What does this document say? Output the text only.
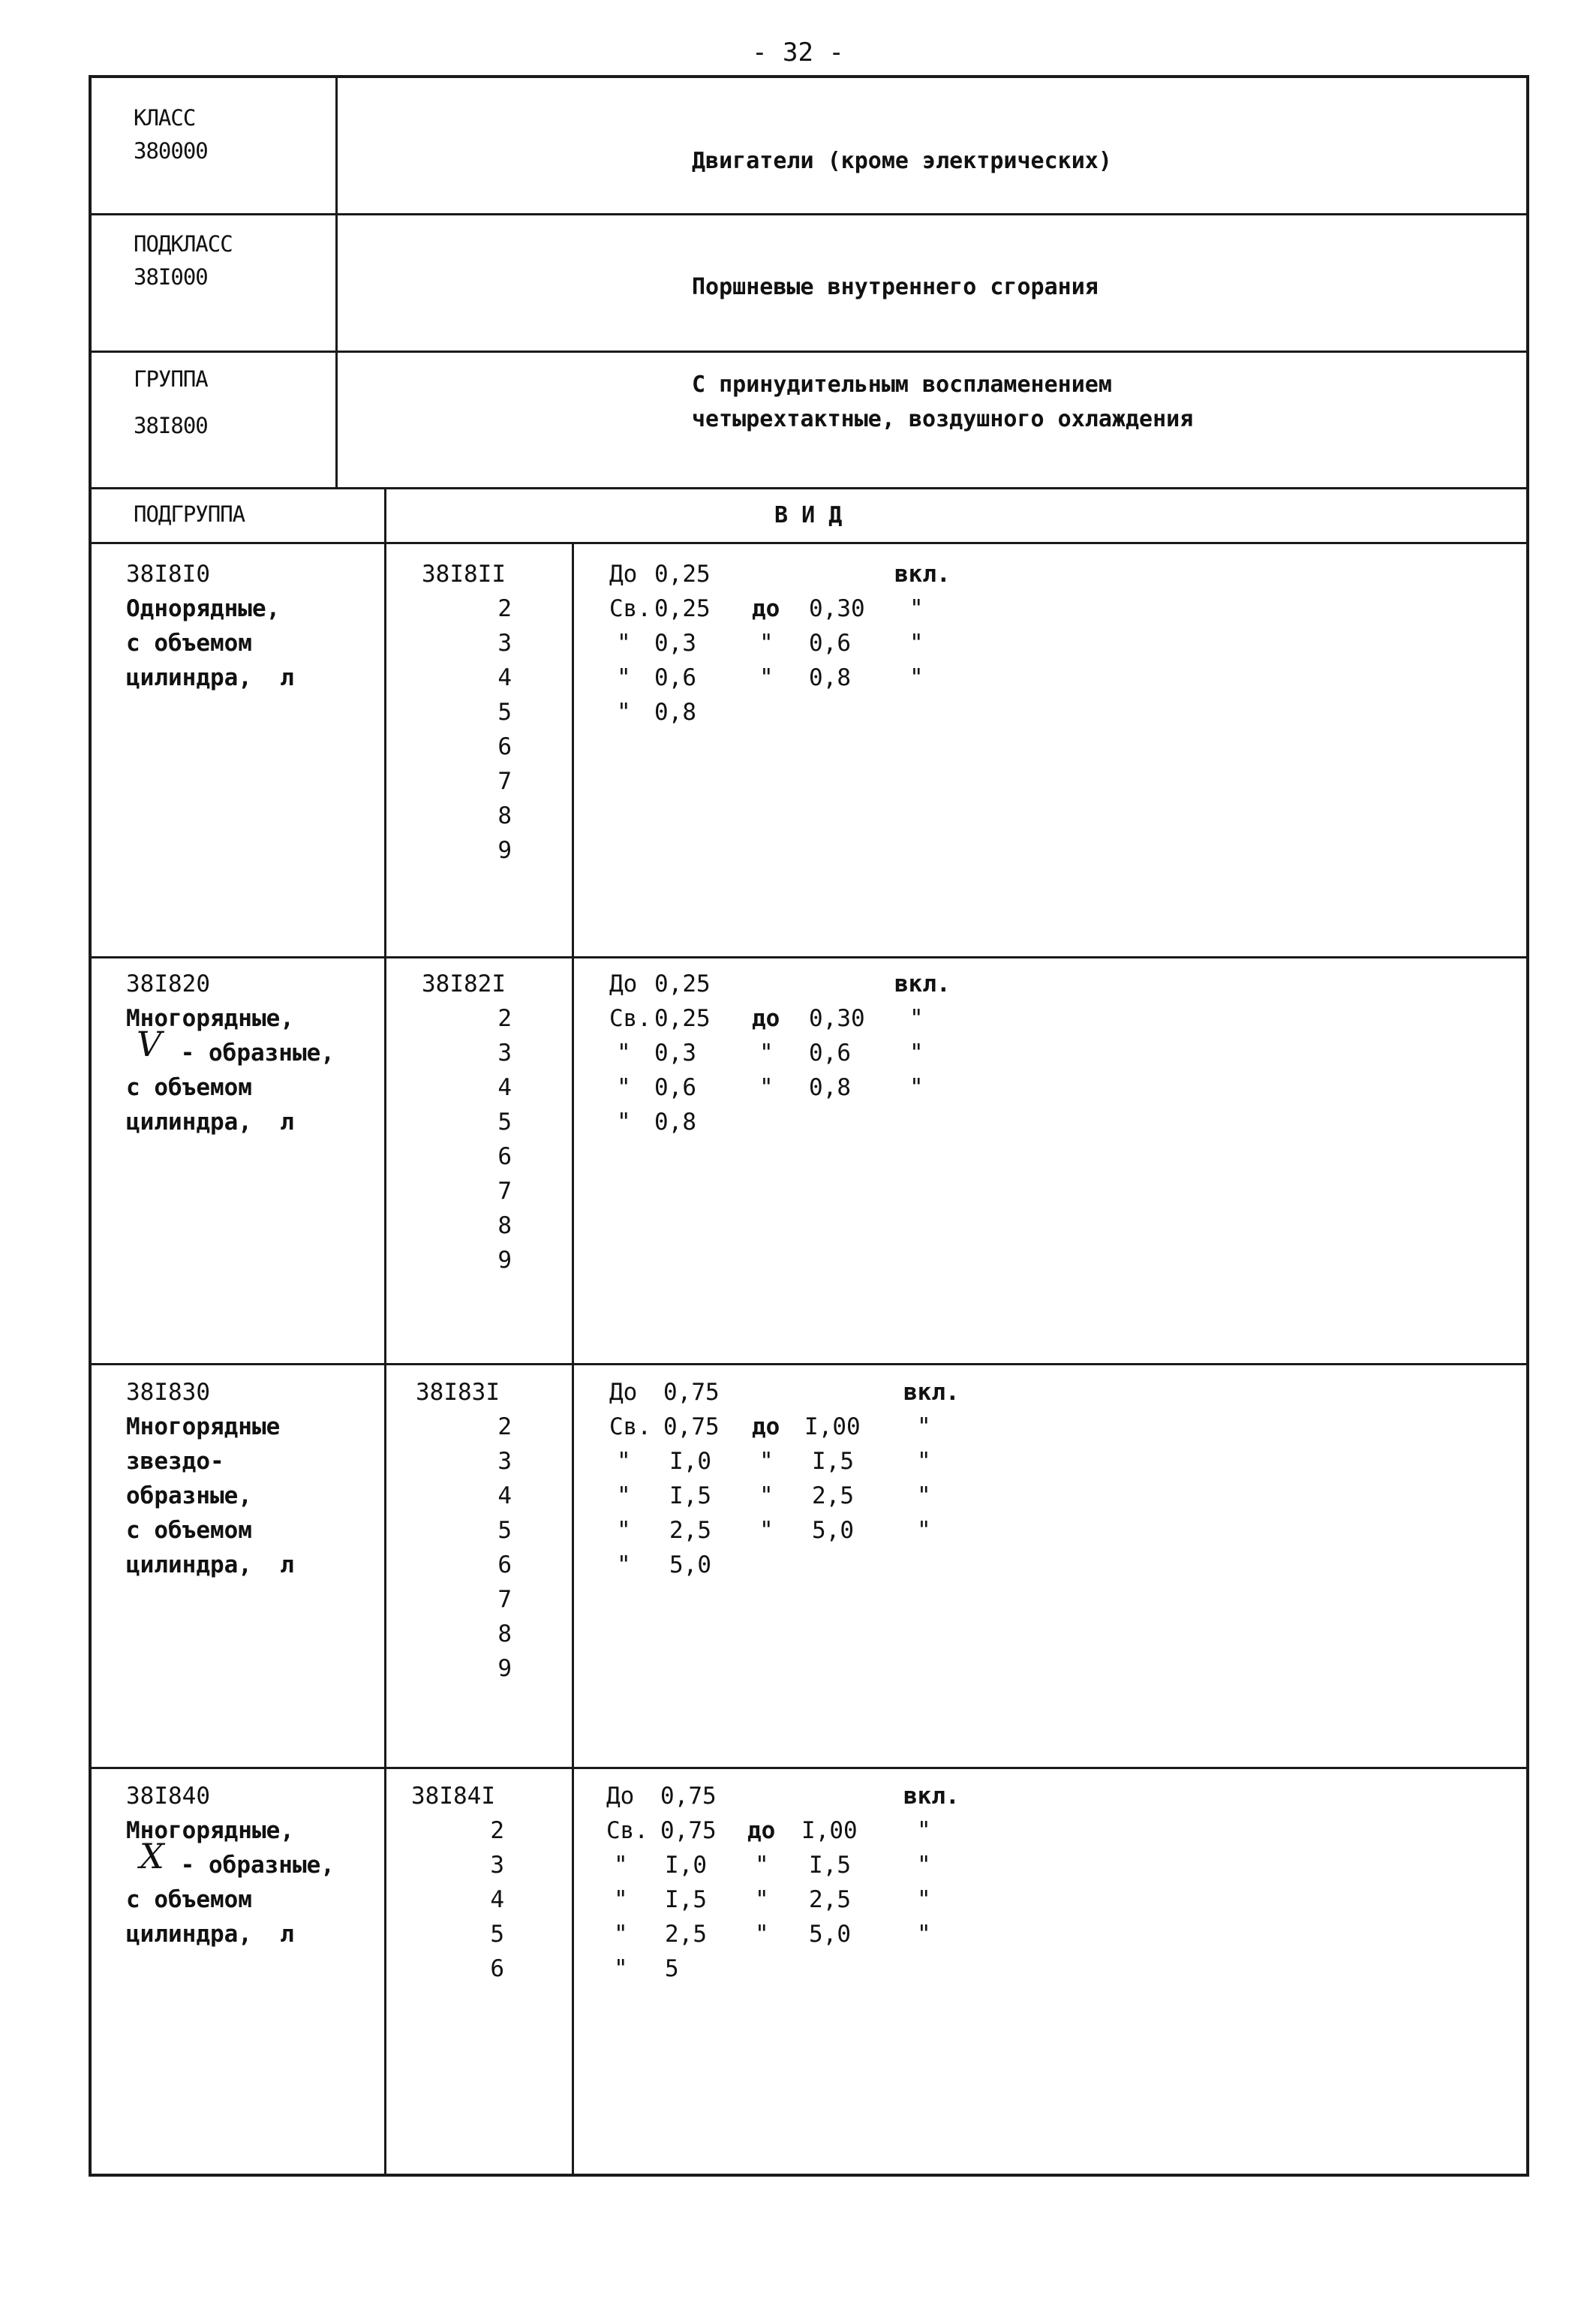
- 32 -
КЛАСС
380000	Двигатели (кроме электрических)
ПОДКЛАСС
38I000	Поршневые внутреннего сгорания
ГРУППА
38I800
С принудительным воспламенением
четырехтактные, воздушного охлаждения
ПОДГРУППА	В И Д
38I8I0
Однорядные,
с объемом
цилиндра,  л
38I8II
2
3
4
5
6
7
8
9
До 0,25	вкл.
Св. 0,25 до 0,30 "
" 0,3	" 0,6	"
" 0,6	" 0,8	"
" 0,8
38I820
Многорядные,
V - образные,
с объемом
цилиндра,  л
38I82I
2
3
4
5
6
7
8
9
До 0,25	вкл.
Св. 0,25 до 0,30 "
" 0,3	" 0,6	"
" 0,6	" 0,8	"
" 0,8
38I830
Многорядные
звездо-
образные,
с объемом
цилиндра,  л
38I83I
2
3
4
5
6
7
8
9
До 0,75	вкл.
Св. 0,75 до I,00 "
" I,0 " I,5	"
" I,5 " 2,5	"
" 2,5 " 5,0	"
" 5,0
38I840
Многорядные,
X - образные,
с объемом
цилиндра,  л
38I84I
2
3
4
5
6
До 0,75	вкл.
Св. 0,75 до I,00	"
" I,0 " I,5	"
" I,5 " 2,5	"
" 2,5 " 5,0	"
" 5
